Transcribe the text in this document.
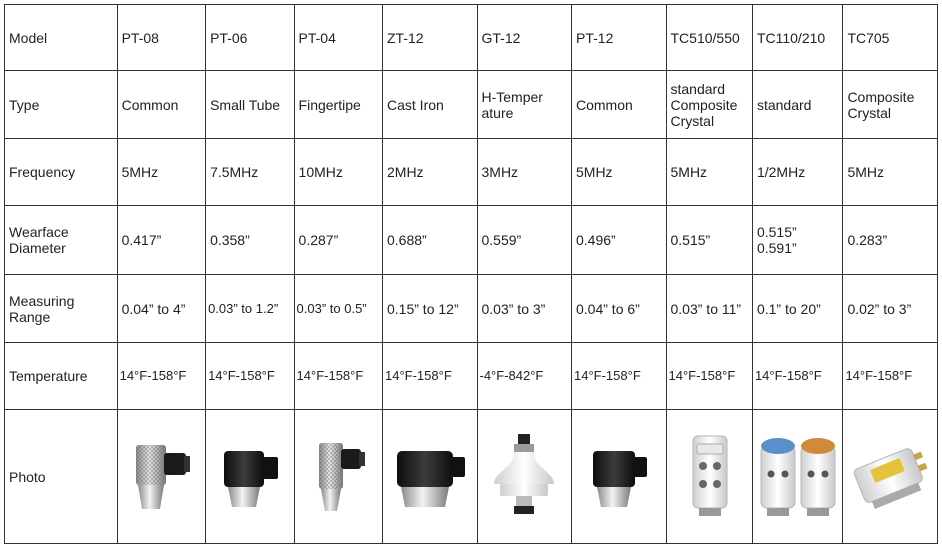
Model	PT-08	PT-06	PT-04	ZT-12	GT-12	PT-12	TC510/550	TC110/210	TC705
Type	Common	Small Tube	Fingertipe	Cast Iron	H-Temper ature	Common	standard Composite Crystal	standard	Composite Crystal
Frequency	5MHz	7.5MHz	10MHz	2MHz	3MHz	5MHz	5MHz	1/2MHz	5MHz
Wearface Diameter	0.417”	0.358”	0.287”	0.688”	0.559”	0.496”	0.515”	0.515” 0.591”	0.283”
Measuring Range	0.04” to 4”	0.03” to 1.2”	0.03” to 0.5”	0.15” to 12”	0.03” to 3”	0.04” to 6”	0.03” to 11”	0.1” to 20”	0.02” to 3”
Temperature	14°F-158°F	14°F-158°F	14°F-158°F	14°F-158°F	-4°F-842°F	14°F-158°F	14°F-158°F	14°F-158°F	14°F-158°F
Photo	
